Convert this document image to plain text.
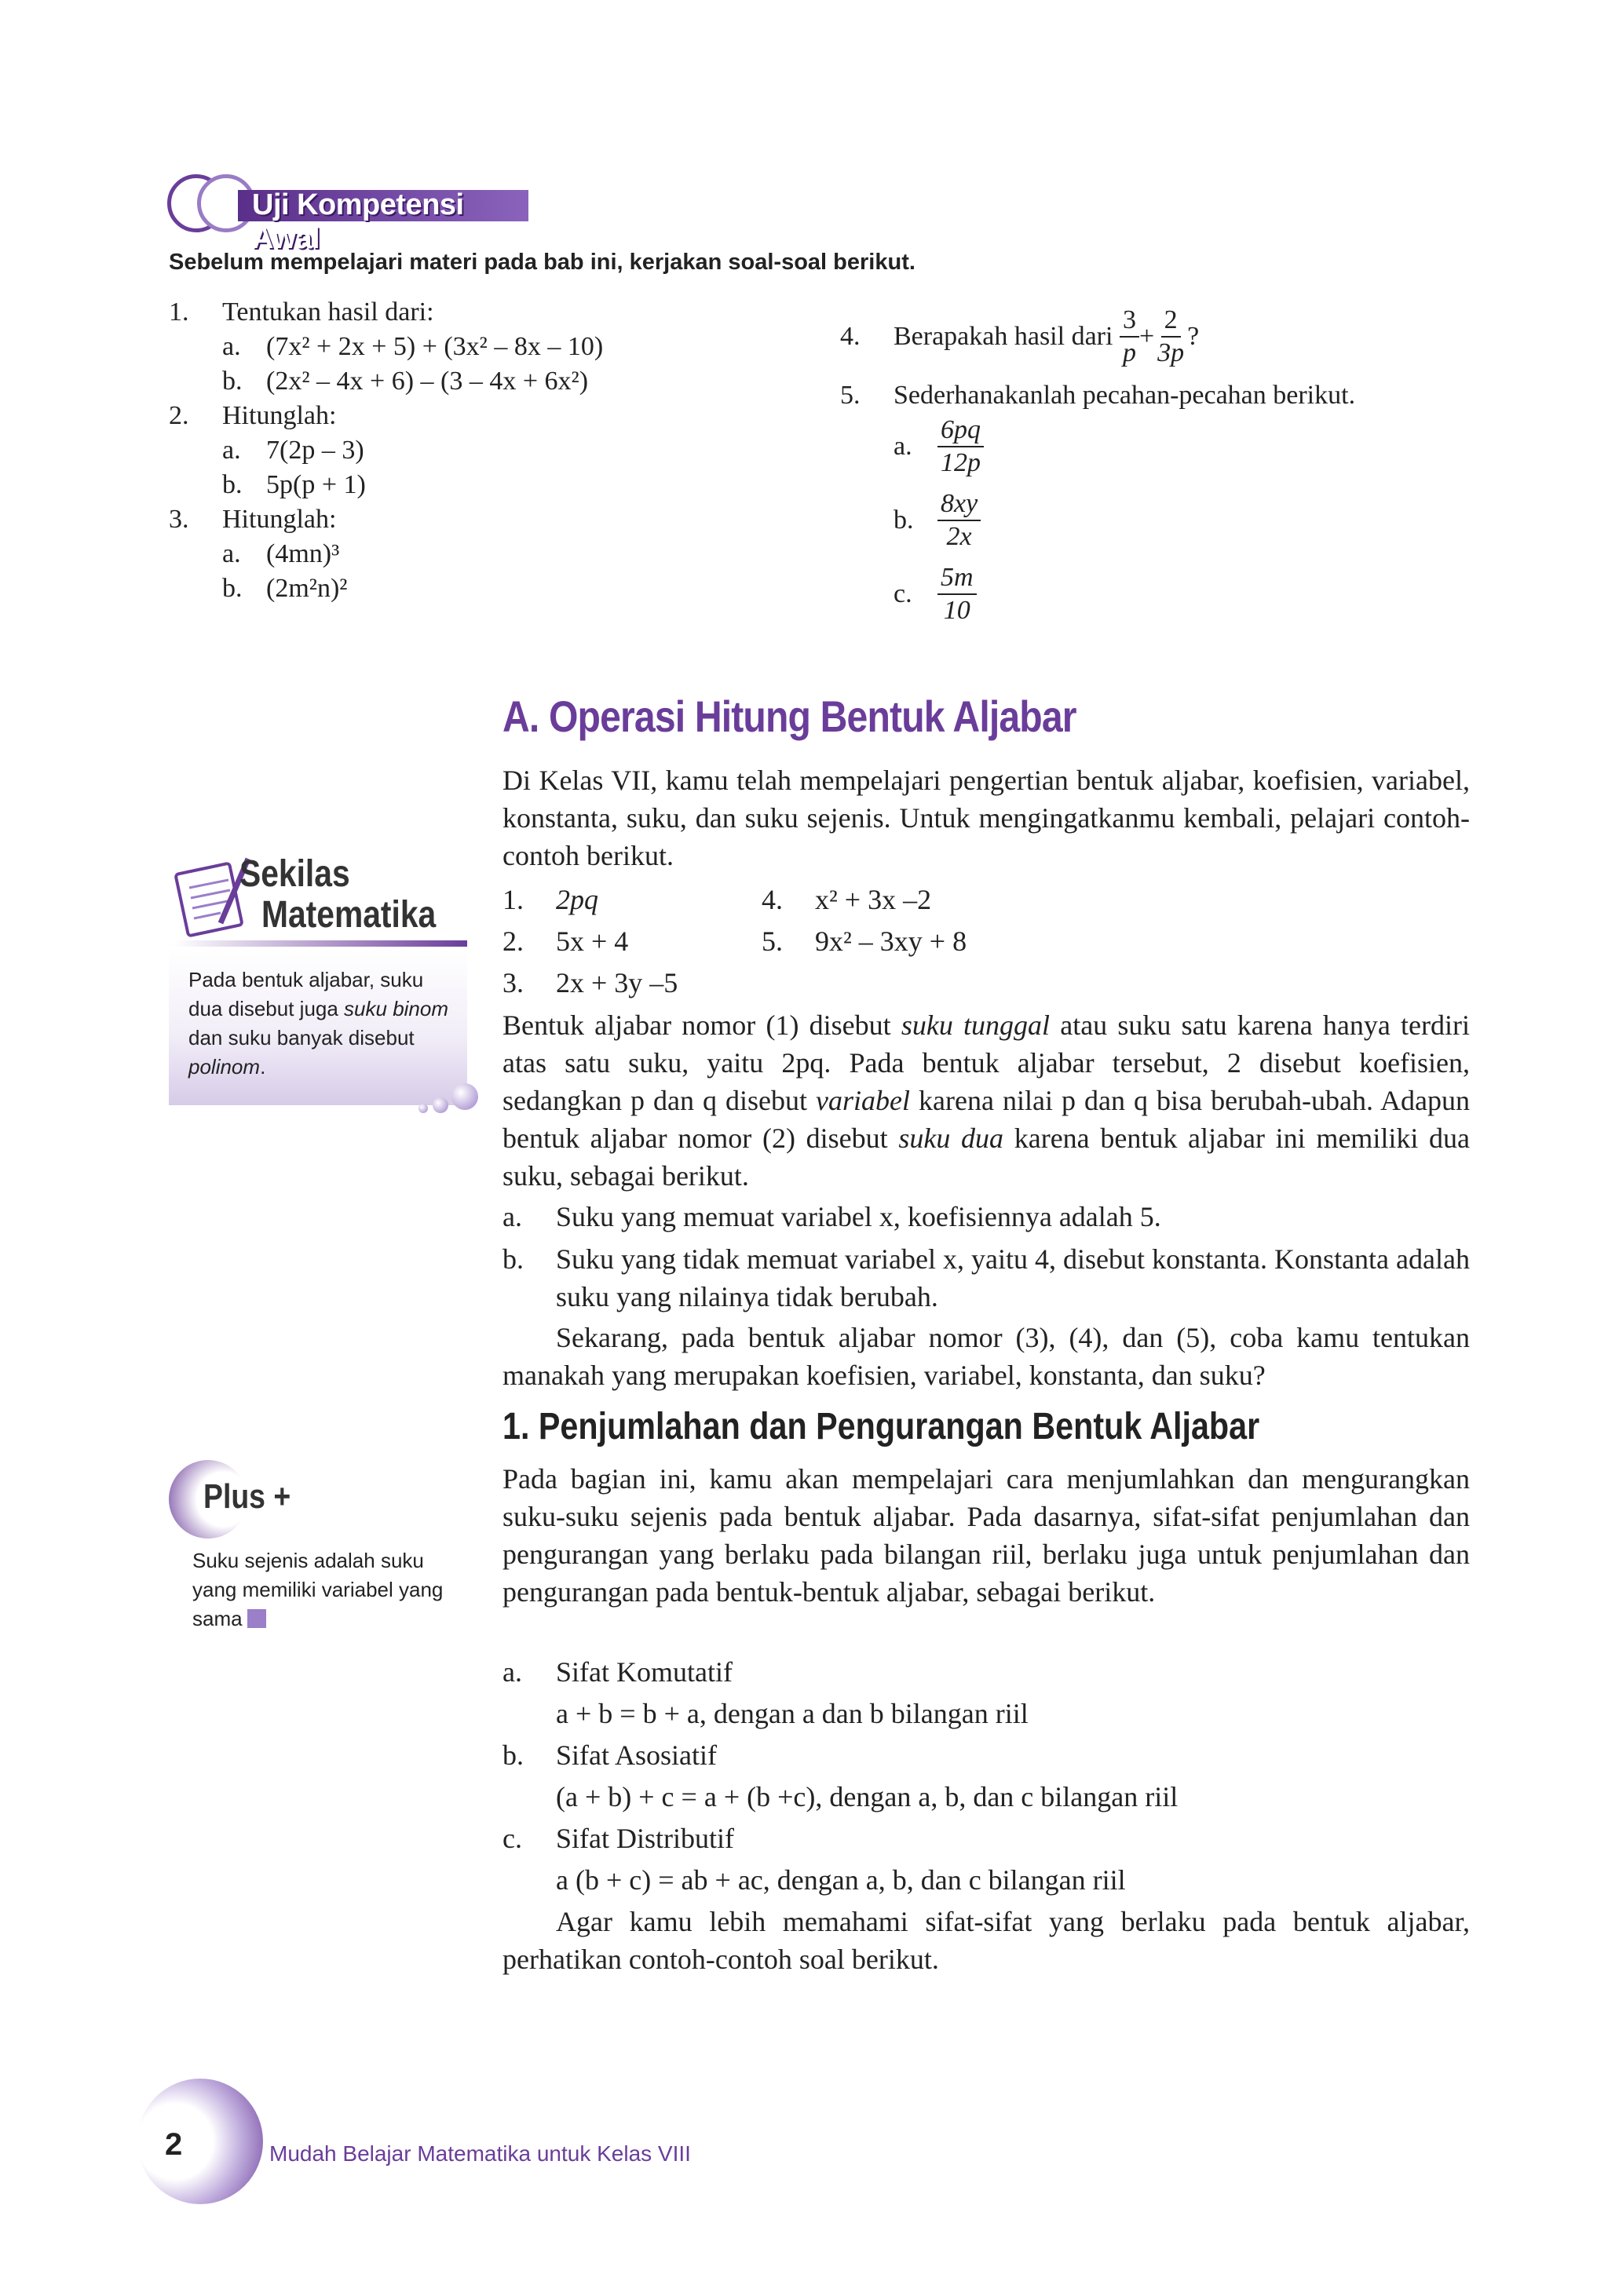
Uji Kompetensi Awal
Sebelum mempelajari materi pada bab ini, kerjakan soal-soal berikut.
1. Tentukan hasil dari:
a. (7x² + 2x + 5) + (3x² – 8x – 10)
b. (2x² – 4x + 6) – (3 – 4x + 6x²)
2. Hitunglah:
a. 7(2p – 3)
b. 5p(p + 1)
3. Hitunglah:
a. (4mn)³
b. (2m²n)²
4.	Berapakah hasil dari
$\frac{3}{p} + \frac{2}{3p}$ ?
5. Sederhanakanlah pecahan-pecahan berikut.
a. $\frac{6pq}{12p}$
b. $\frac{8xy}{2x}$
c. $\frac{5m}{10}$
A. Operasi Hitung Bentuk Aljabar
Di Kelas VII, kamu telah mempelajari pengertian bentuk aljabar, koefisien, variabel, konstanta, suku, dan suku sejenis. Untuk mengingatkanmu kembali, pelajari contoh-contoh berikut.
1. 2pq	4. x² + 3x –2
2. 5x + 4	5. 9x² – 3xy + 8
3. 2x + 3y –5
Bentuk aljabar nomor (1) disebut suku tunggal atau suku satu karena hanya terdiri atas satu suku, yaitu 2pq. Pada bentuk aljabar tersebut, 2 disebut koefisien, sedangkan p dan q disebut variabel karena nilai p dan q bisa berubah-ubah. Adapun bentuk aljabar nomor (2) disebut suku dua karena bentuk aljabar ini memiliki dua suku, sebagai berikut.
a.	Suku yang memuat variabel x, koefisiennya adalah 5.
b.	Suku yang tidak memuat variabel x, yaitu 4, disebut konstanta. Konstanta adalah suku yang nilainya tidak berubah.
Sekarang, pada bentuk aljabar nomor (3), (4), dan (5), coba kamu tentukan manakah yang merupakan koefisien, variabel, konstanta, dan suku?
1. Penjumlahan dan Pengurangan Bentuk Aljabar
Pada bagian ini, kamu akan mempelajari cara menjumlahkan dan mengurangkan suku-suku sejenis pada bentuk aljabar. Pada dasarnya, sifat-sifat penjumlahan dan pengurangan yang berlaku pada bilangan riil, berlaku juga untuk penjumlahan dan pengurangan pada bentuk-bentuk aljabar, sebagai berikut.
a. Sifat Komutatif
a + b = b + a, dengan a dan b bilangan riil
b. Sifat Asosiatif
(a + b) + c = a + (b +c), dengan a, b, dan c bilangan riil
c. Sifat Distributif
a (b + c) = ab + ac, dengan a, b, dan c bilangan riil
Agar kamu lebih memahami sifat-sifat yang berlaku pada bentuk aljabar, perhatikan contoh-contoh soal berikut.
Sekilas
Matematika
Pada bentuk aljabar, suku dua disebut juga suku binom dan suku banyak disebut polinom.
Plus +
Suku sejenis adalah suku yang memiliki variabel yang sama
2	Mudah Belajar Matematika untuk Kelas VIII
